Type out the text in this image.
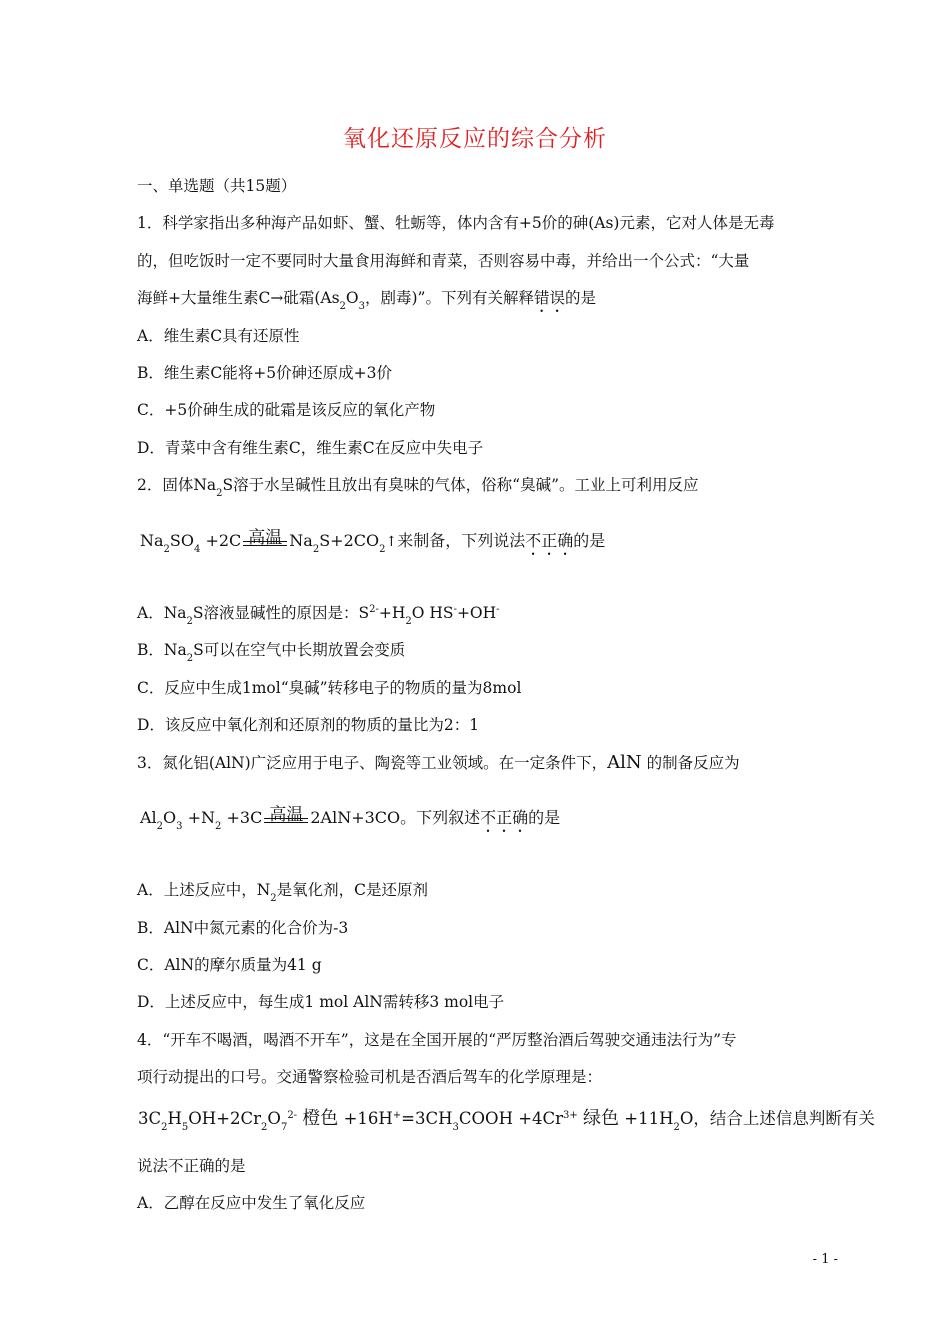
氧化还原反应的综合分析
一、单选题（共15题）
1．科学家指出多种海产品如虾、蟹、牡蛎等，体内含有+5价的砷(As)元素，它对人体是无毒
的，但吃饭时一定不要同时大量食用海鲜和青菜，否则容易中毒，并给出一个公式：“大量
海鲜+大量维生素C→砒霜($As_2O_3$，剧毒)”。下列有关解释错误的是
A．维生素C具有还原性
B．维生素C能将+5价砷还原成+3价
C．+5价砷生成的砒霜是该反应的氧化产物
D．青菜中含有维生素C，维生素C在反应中失电子
2．固体$Na_2S$溶于水呈碱性且放出有臭味的气体，俗称“臭碱”。工业上可利用反应
$Na_2SO_4 +2C$ 高温 $Na_2S+2CO_2↑$来制备，下列说法不正确的是
A．$Na_2S$溶液显碱性的原因是：$S^{2-}+H_2O$ HS-+OH-
B．$Na_2S$可以在空气中长期放置会变质
C．反应中生成1mol“臭碱”转移电子的物质的量为8mol
D．该反应中氧化剂和还原剂的物质的量比为2：1
3．氮化铝(AlN)广泛应用于电子、陶瓷等工业领域。在一定条件下，AlN 的制备反应为
$Al_2O_3 +N_2 +3C$ 高温 2AlN+3CO。下列叙述不正确的是
A．上述反应中，$N_2$是氧化剂，C是还原剂
B．AlN中氮元素的化合价为-3
C．AlN的摩尔质量为41 g
D．上述反应中，每生成1 mol AlN需转移3 mol电子
4．“开车不喝酒，喝酒不开车”，这是在全国开展的“严厉整治酒后驾驶交通违法行为”专
项行动提出的口号。交通警察检验司机是否酒后驾车的化学原理是：
$3C_2H_5OH+2Cr_2O_7^{2-}$ 橙色 $+16H^+=3CH_3COOH +4Cr^{3+}$ 绿色 $+11H_2O$，结合上述信息判断有关
说法不正确的是
A．乙醇在反应中发生了氧化反应
- 1 -
